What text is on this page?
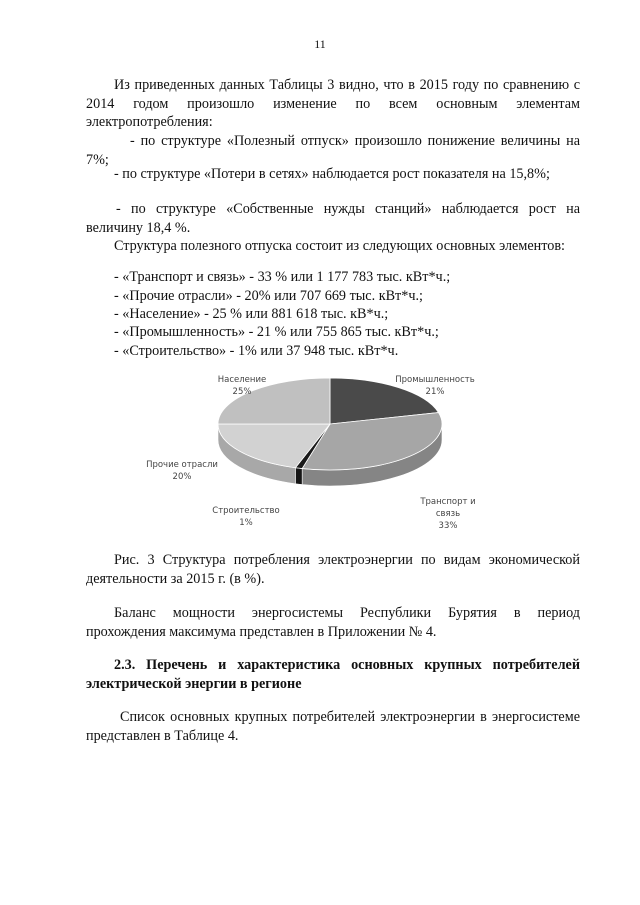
11

Из приведенных данных Таблицы 3 видно, что в 2015 году по сравнению с 2014 годом произошло изменение по всем основным элементам электропотребления:

- по структуре «Полезный отпуск» произошло понижение величины на 7%;

- по структуре «Потери в сетях» наблюдается рост показателя на 15,8%;

- по структуре «Собственные нужды станций» наблюдается рост на величину 18,4 %.

Структура полезного отпуска состоит из следующих основных элементов:

- «Транспорт и связь» - 33 % или 1 177 783 тыс. кВт*ч.;
- «Прочие отрасли» - 20% или 707 669 тыс. кВт*ч.;
- «Население» - 25 % или 881 618 тыс. кВ*ч.;
- «Промышленность» - 21 % или 755 865 тыс. кВт*ч.;
- «Строительство» - 1% или 37 948 тыс. кВт*ч.
Промышленность
21%
Транспорт и
связь
33%
Строительство
1%
Прочие отрасли
20%
Население
25%

Рис. 3 Структура потребления электроэнергии по видам экономической деятельности за 2015 г. (в %).

Баланс мощности энергосистемы Республики Бурятия в период прохождения максимума представлен в Приложении № 4.

2.3. Перечень и характеристика основных крупных потребителей электрической энергии в регионе

Список основных крупных потребителей электроэнергии в энергосистеме представлен в Таблице 4.
